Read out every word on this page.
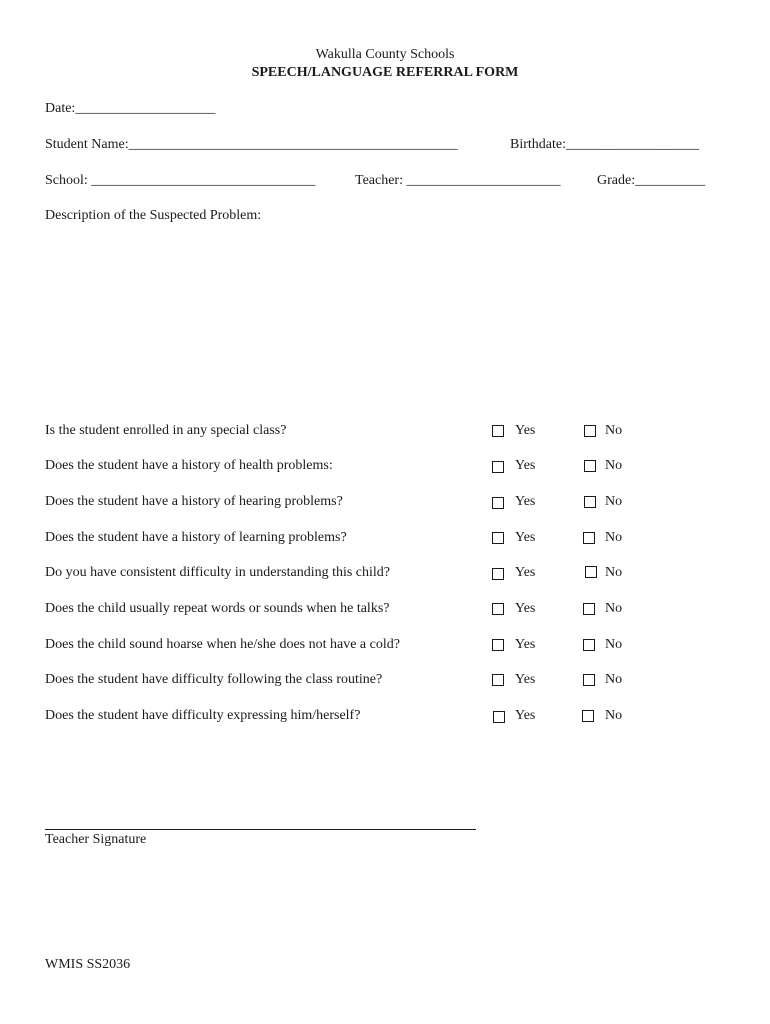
Wakulla County Schools
SPEECH/LANGUAGE REFERRAL FORM
Date:____________________
Student Name:_______________________________________________	Birthdate:___________________
School: ________________________________	Teacher: ______________________	Grade:__________
Description of the Suspected Problem:
Is the student enrolled in any special class?	Yes	No
Does the student have a history of health problems:	Yes	No
Does the student have a history of hearing problems?	Yes	No
Does the student have a history of learning problems?	Yes	No
Do you have consistent difficulty in understanding this child?	Yes	No
Does the child usually repeat words or sounds when he talks?	Yes	No
Does the child sound hoarse when he/she does not have a cold?	Yes	No
Does the student have difficulty following the class routine?	Yes	No
Does the student have difficulty expressing him/herself?	Yes	No
Teacher Signature
WMIS SS2036
